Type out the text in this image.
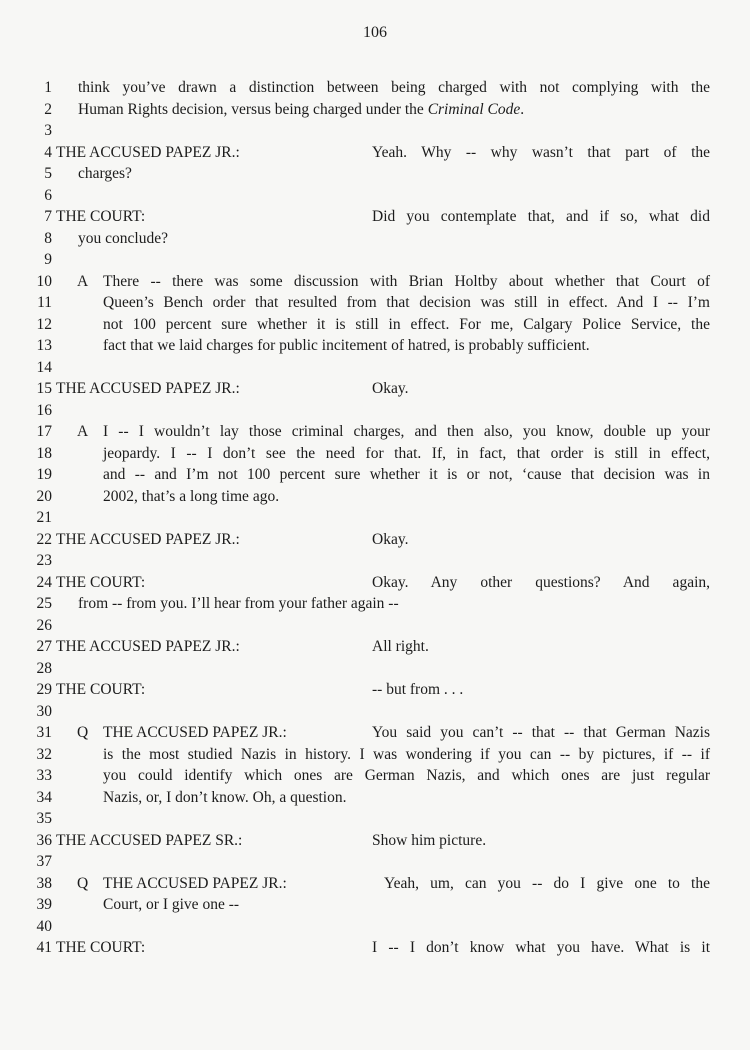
106
1 think you’ve drawn a distinction between being charged with not complying with the
2 Human Rights decision, versus being charged under the Criminal Code.
3
4 THE ACCUSED PAPEZ JR.:	Yeah. Why -- why wasn’t that part of the
5 charges?
6
7 THE COURT:	Did you contemplate that, and if so, what did
8 you conclude?
9
10 A There -- there was some discussion with Brian Holtby about whether that Court of
11	Queen’s Bench order that resulted from that decision was still in effect. And I -- I’m
12	not 100 percent sure whether it is still in effect. For me, Calgary Police Service, the
13	fact that we laid charges for public incitement of hatred, is probably sufficient.
14
15 THE ACCUSED PAPEZ JR.:	Okay.
16
17 A I -- I wouldn’t lay those criminal charges, and then also, you know, double up your
18	jeopardy. I -- I don’t see the need for that. If, in fact, that order is still in effect,
19	and -- and I’m not 100 percent sure whether it is or not, ‘cause that decision was in
20	2002, that’s a long time ago.
21
22 THE ACCUSED PAPEZ JR.:	Okay.
23
24 THE COURT:	Okay. Any other questions? And again,
25 from -- from you. I’ll hear from your father again --
26
27 THE ACCUSED PAPEZ JR.:	All right.
28
29 THE COURT:	-- but from . . .
30
31 Q THE ACCUSED PAPEZ JR.:	You said you can’t -- that -- that German Nazis
32	is the most studied Nazis in history. I was wondering if you can -- by pictures, if -- if
33	you could identify which ones are German Nazis, and which ones are just regular
34	Nazis, or, I don’t know. Oh, a question.
35
36 THE ACCUSED PAPEZ SR.:	Show him picture.
37
38 Q THE ACCUSED PAPEZ JR.:	Yeah, um, can you -- do I give one to the
39	Court, or I give one --
40
41 THE COURT:	I -- I don’t know what you have. What is it
